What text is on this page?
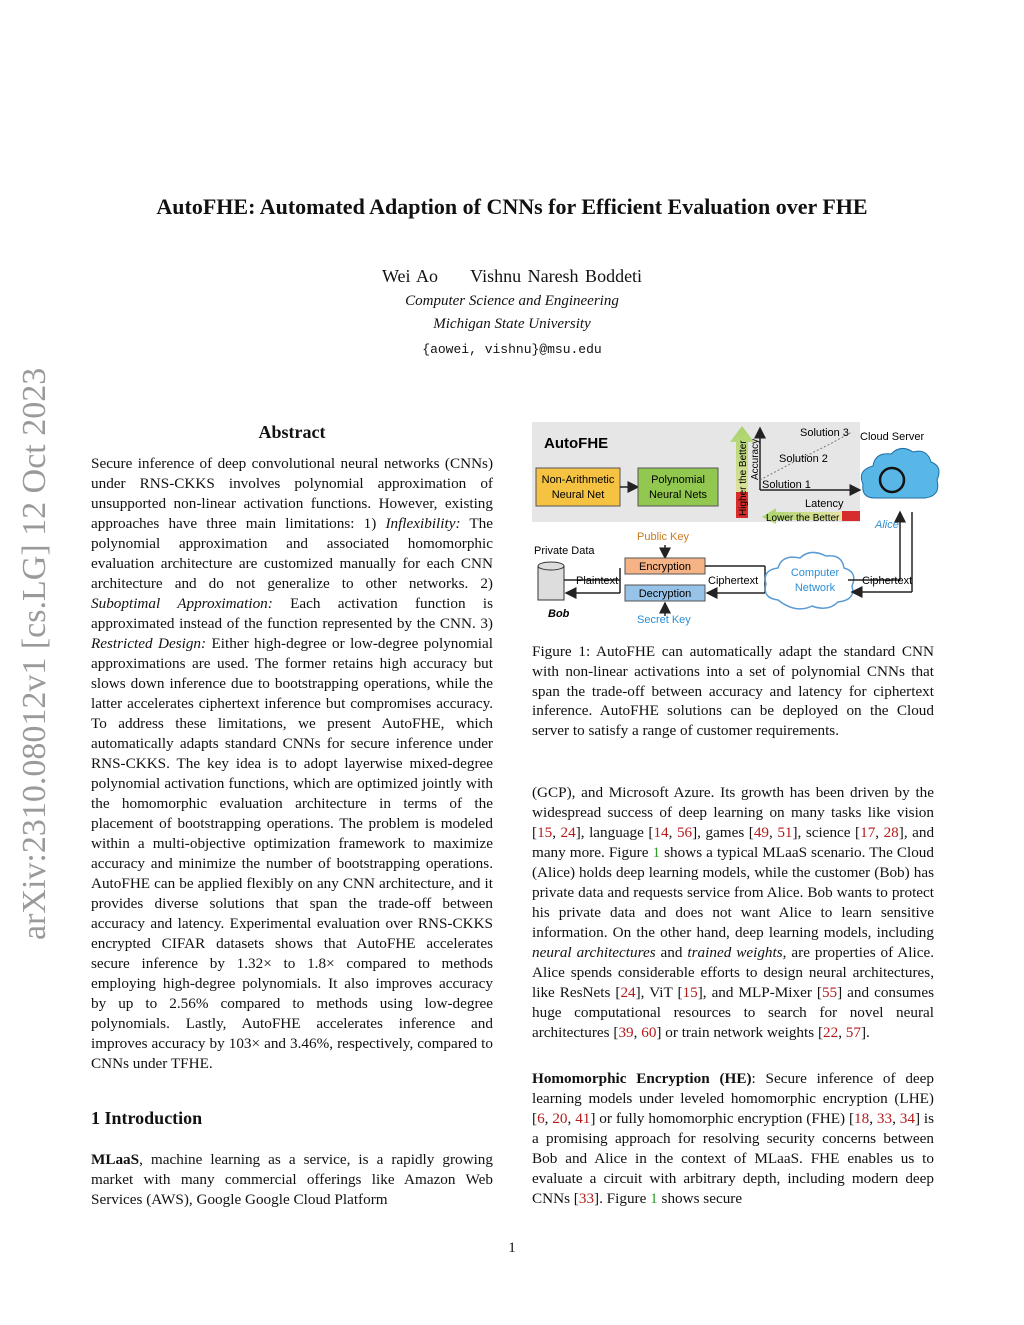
arXiv:2310.08012v1 [cs.LG] 12 Oct 2023
AutoFHE: Automated Adaption of CNNs for Efficient Evaluation over FHE
Wei Ao     Vishnu Naresh Boddeti
Computer Science and Engineering
Michigan State University
{aowei, vishnu}@msu.edu
Abstract
Secure inference of deep convolutional neural networks (CNNs) under RNS-CKKS involves polynomial approximation of unsupported non-linear activation functions. However, existing approaches have three main limitations: 1) Inflexibility: The polynomial approximation and associated homomorphic evaluation architecture are customized manually for each CNN architecture and do not generalize to other networks. 2) Suboptimal Approximation: Each activation function is approximated instead of the function represented by the CNN. 3) Restricted Design: Either high-degree or low-degree polynomial approximations are used. The former retains high accuracy but slows down inference due to bootstrapping operations, while the latter accelerates ciphertext inference but compromises accuracy. To address these limitations, we present AutoFHE, which automatically adapts standard CNNs for secure inference under RNS-CKKS. The key idea is to adopt layerwise mixed-degree polynomial activation functions, which are optimized jointly with the homomorphic evaluation architecture in terms of the placement of bootstrapping operations. The problem is modeled within a multi-objective optimization framework to maximize accuracy and minimize the number of bootstrapping operations. AutoFHE can be applied flexibly on any CNN architecture, and it provides diverse solutions that span the trade-off between accuracy and latency. Experimental evaluation over RNS-CKKS encrypted CIFAR datasets shows that AutoFHE accelerates secure inference by 1.32× to 1.8× compared to methods employing high-degree polynomials. It also improves accuracy by up to 2.56% compared to methods using low-degree polynomials. Lastly, AutoFHE accelerates inference and improves accuracy by 103× and 3.46%, respectively, compared to CNNs under TFHE.
1 Introduction
MLaaS, machine learning as a service, is a rapidly growing market with many commercial offerings like Amazon Web Services (AWS), Google Google Cloud Platform
AutoFHE
Non-Arithmetic
Neural Net
Polynomial
Neural Nets	Higher the Better Accuracy
Solution 1
Solution 2
Solution 3
Latency
Lower the Better
Cloud Server
Alice
Private Data
Bob
Plaintext
Public Key
Encryption
Decryption
Secret Key
Ciphertext
Computer
Network
Ciphertext
Figure 1: AutoFHE can automatically adapt the standard CNN with non-linear activations into a set of polynomial CNNs that span the trade-off between accuracy and latency for ciphertext inference. AutoFHE solutions can be deployed on the Cloud server to satisfy a range of customer requirements.
(GCP), and Microsoft Azure. Its growth has been driven by the widespread success of deep learning on many tasks like vision [15, 24], language [14, 56], games [49, 51], science [17, 28], and many more. Figure 1 shows a typical MLaaS scenario. The Cloud (Alice) holds deep learning models, while the customer (Bob) has private data and requests service from Alice. Bob wants to protect his private data and does not want Alice to learn sensitive information. On the other hand, deep learning models, including neural architectures and trained weights, are properties of Alice. Alice spends considerable efforts to design neural architectures, like ResNets [24], ViT [15], and MLP-Mixer [55] and consumes huge computational resources to search for novel neural architectures [39, 60] or train network weights [22, 57].
Homomorphic Encryption (HE): Secure inference of deep learning models under leveled homomorphic encryption (LHE) [6, 20, 41] or fully homomorphic encryption (FHE) [18, 33, 34] is a promising approach for resolving security concerns between Bob and Alice in the context of MLaaS. FHE enables us to evaluate a circuit with arbitrary depth, including modern deep CNNs [33]. Figure 1 shows secure
1
